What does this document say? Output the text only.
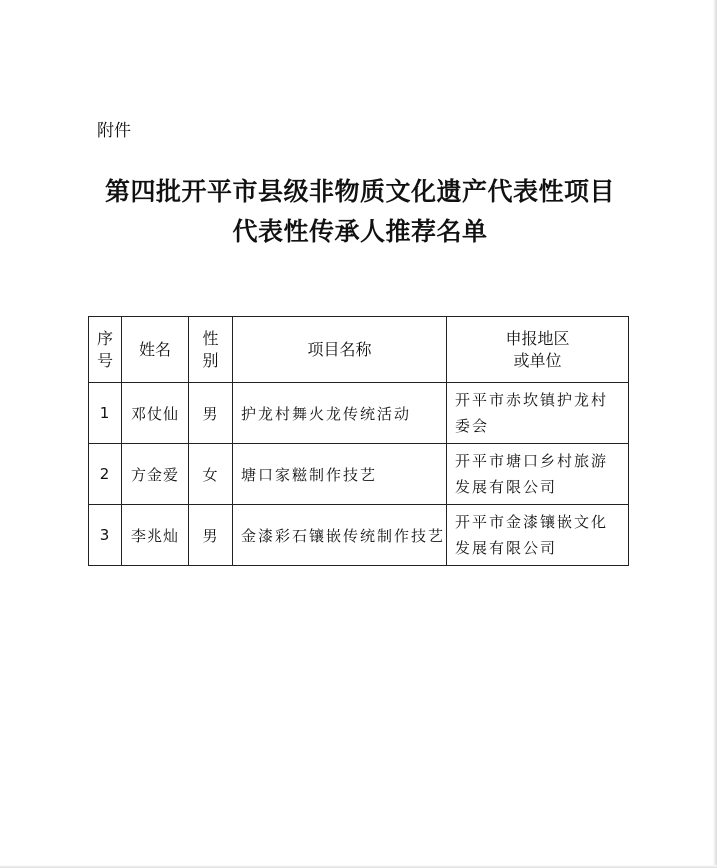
附件
第四批开平市县级非物质文化遗产代表性项目
代表性传承人推荐名单
序号	姓名	性别	项目名称	申报地区
或单位
1	邓仗仙	男	护龙村舞火龙传统活动	开平市赤坎镇护龙村委会
2	方金爱	女	塘口家糍制作技艺	开平市塘口乡村旅游发展有限公司
3	李兆灿	男	金漆彩石镶嵌传统制作技艺	开平市金漆镶嵌文化发展有限公司
